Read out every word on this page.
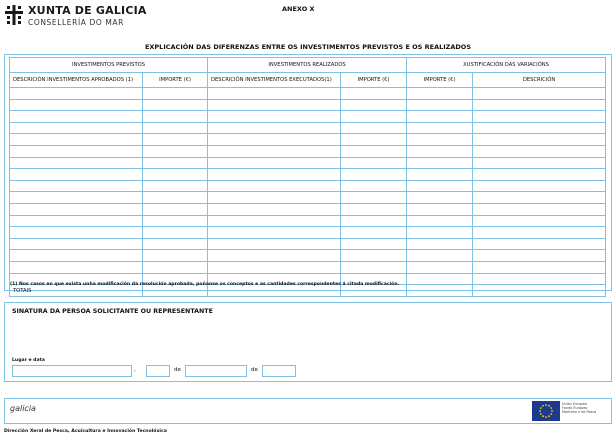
XUNTA DE GALICIA
CONSELLERÍA DO MAR
ANEXO X
EXPLICACIÓN DAS DIFERENZAS ENTRE OS INVESTIMENTOS PREVISTOS E OS REALIZADOS
INVESTIMENTOS PREVISTOS		INVESTIMENTOS REALIZADOS		XUSTIFICACIÓN DAS VARIACIÓNS	
DESCRICIÓN INVESTIMENTOS APROBADOS (1)	IMPORTE (€)	DESCRICIÓN INVESTIMENTOS EXECUTADOS(1)	IMPORTE (€)	IMPORTE (€)	DESCRICIÓN

TOTAIS					
(1) Nos casos en que exista unha modificación da resolución aprobada, poñanse os conceptos e as cantidades correspondentes á citada modificación.
SINATURA DA PERSOA SOLICITANTE OU REPRESENTANTE
Lugar e data
,	de	de
galicia	Unión Europea
Fondo Europeo
Marítimo e de Pesca
Dirección Xeral de Pesca, Acuicultura e Innovación Tecnolóxica
